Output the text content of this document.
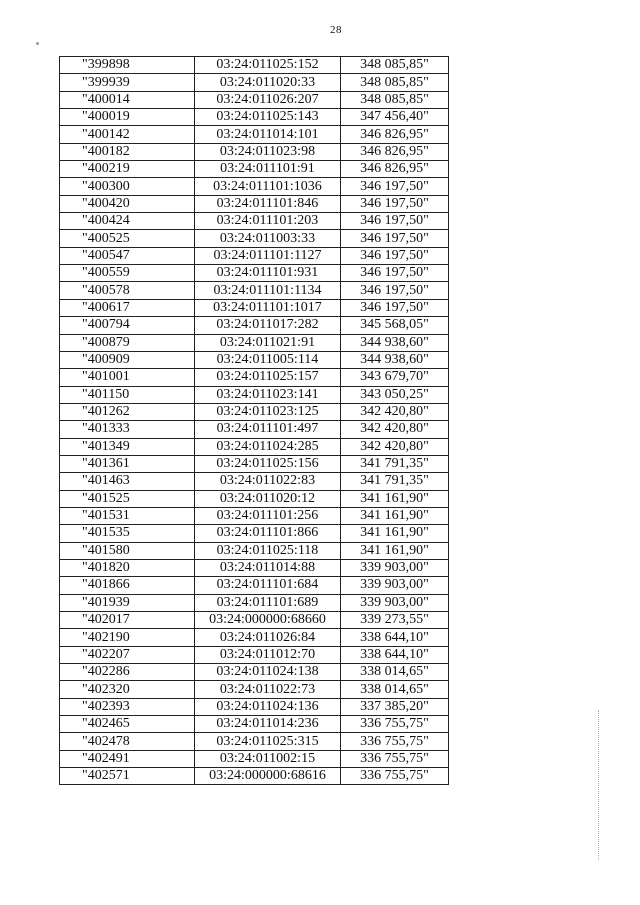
28
"399898	03:24:011025:152	348 085,85"
"399939	03:24:011020:33	348 085,85"
"400014	03:24:011026:207	348 085,85"
"400019	03:24:011025:143	347 456,40"
"400142	03:24:011014:101	346 826,95"
"400182	03:24:011023:98	346 826,95"
"400219	03:24:011101:91	346 826,95"
"400300	03:24:011101:1036	346 197,50"
"400420	03:24:011101:846	346 197,50"
"400424	03:24:011101:203	346 197,50"
"400525	03:24:011003:33	346 197,50"
"400547	03:24:011101:1127	346 197,50"
"400559	03:24:011101:931	346 197,50"
"400578	03:24:011101:1134	346 197,50"
"400617	03:24:011101:1017	346 197,50"
"400794	03:24:011017:282	345 568,05"
"400879	03:24:011021:91	344 938,60"
"400909	03:24:011005:114	344 938,60"
"401001	03:24:011025:157	343 679,70"
"401150	03:24:011023:141	343 050,25"
"401262	03:24:011023:125	342 420,80"
"401333	03:24:011101:497	342 420,80"
"401349	03:24:011024:285	342 420,80"
"401361	03:24:011025:156	341 791,35"
"401463	03:24:011022:83	341 791,35"
"401525	03:24:011020:12	341 161,90"
"401531	03:24:011101:256	341 161,90"
"401535	03:24:011101:866	341 161,90"
"401580	03:24:011025:118	341 161,90"
"401820	03:24:011014:88	339 903,00"
"401866	03:24:011101:684	339 903,00"
"401939	03:24:011101:689	339 903,00"
"402017	03:24:000000:68660	339 273,55"
"402190	03:24:011026:84	338 644,10"
"402207	03:24:011012:70	338 644,10"
"402286	03:24:011024:138	338 014,65"
"402320	03:24:011022:73	338 014,65"
"402393	03:24:011024:136	337 385,20"
"402465	03:24:011014:236	336 755,75"
"402478	03:24:011025:315	336 755,75"
"402491	03:24:011002:15	336 755,75"
"402571	03:24:000000:68616	336 755,75"
